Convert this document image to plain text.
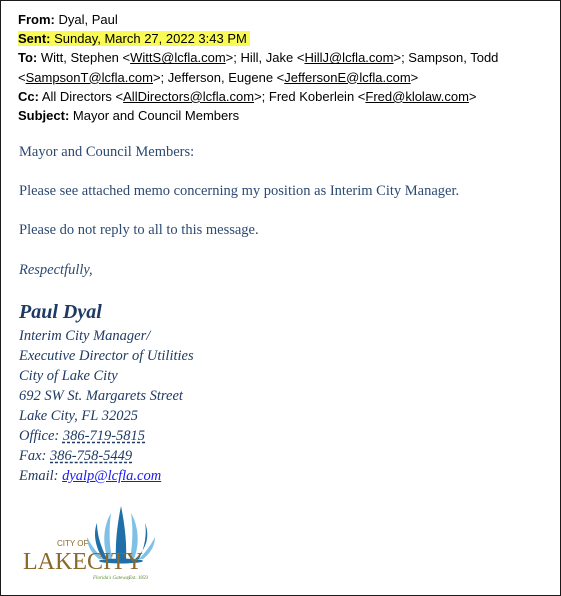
From: Dyal, Paul
Sent: Sunday, March 27, 2022 3:43 PM
To: Witt, Stephen <WittS@lcfla.com>; Hill, Jake <HillJ@lcfla.com>; Sampson, Todd
<SampsonT@lcfla.com>; Jefferson, Eugene <JeffersonE@lcfla.com>
Cc: All Directors <AllDirectors@lcfla.com>; Fred Koberlein <Fred@klolaw.com>
Subject: Mayor and Council Members
Mayor and Council Members:
Please see attached memo concerning my position as Interim City Manager.
Please do not reply to all to this message.
Respectfully,
Paul Dyal
Interim City Manager/
Executive Director of Utilities
City of Lake City
692 SW St. Margarets Street
Lake City, FL 32025
Office: 386-719-5815
Fax: 386-758-5449
Email: dyalp@lcfla.com
CITY OF
LAKE CITY
Florida's Gateway
Est. 1859
